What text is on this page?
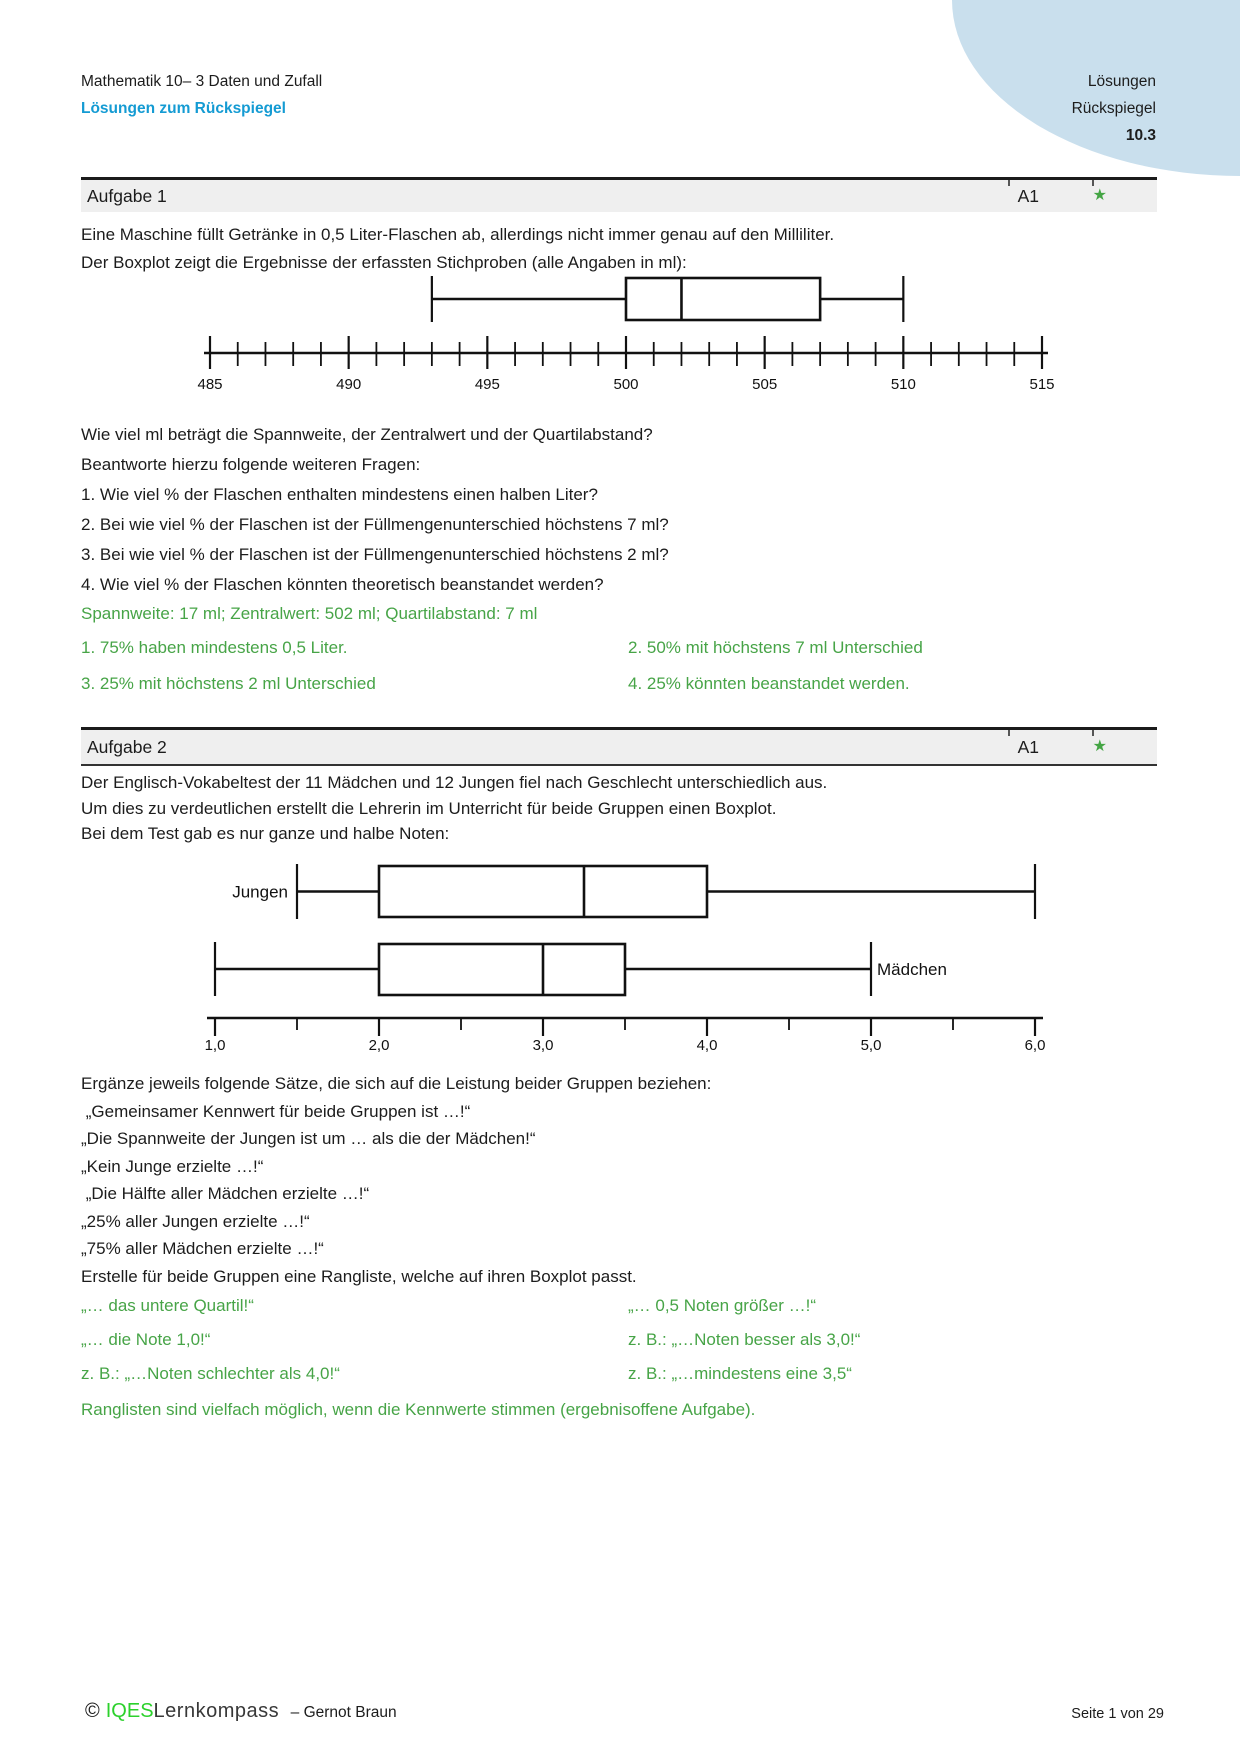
Mathematik 10– 3 Daten und Zufall
Lösungen zum Rückspiegel
Lösungen
Rückspiegel
10.3
Aufgabe 1	A1	★
Eine Maschine füllt Getränke in 0,5 Liter-Flaschen ab, allerdings nicht immer genau auf den Milliliter.
Der Boxplot zeigt die Ergebnisse der erfassten Stichproben (alle Angaben in ml):
485	490	495	500	505	510	515
Wie viel ml beträgt die Spannweite, der Zentralwert und der Quartilabstand?
Beantworte hierzu folgende weiteren Fragen:
1. Wie viel % der Flaschen enthalten mindestens einen halben Liter?
2. Bei wie viel % der Flaschen ist der Füllmengenunterschied höchstens 7 ml?
3. Bei wie viel % der Flaschen ist der Füllmengenunterschied höchstens 2 ml?
4. Wie viel % der Flaschen könnten theoretisch beanstandet werden?
Spannweite: 17 ml; Zentralwert: 502 ml; Quartilabstand: 7 ml
1. 75% haben mindestens 0,5 Liter.	2. 50% mit höchstens 7 ml Unterschied
3. 25% mit höchstens 2 ml Unterschied	4. 25% könnten beanstandet werden.
Aufgabe 2	A1	★
Der Englisch-Vokabeltest der 11 Mädchen und 12 Jungen fiel nach Geschlecht unterschiedlich aus.
Um dies zu verdeutlichen erstellt die Lehrerin im Unterricht für beide Gruppen einen Boxplot.
Bei dem Test gab es nur ganze und halbe Noten:
1,0	2,0	3,0	4,0	5,0	6,0
Jungen
Mädchen
Ergänze jeweils folgende Sätze, die sich auf die Leistung beider Gruppen beziehen:
„Gemeinsamer Kennwert für beide Gruppen ist …!“
„Die Spannweite der Jungen ist um … als die der Mädchen!“
„Kein Junge erzielte …!“
„Die Hälfte aller Mädchen erzielte …!“
„25% aller Jungen erzielte …!“
„75% aller Mädchen erzielte …!“
Erstelle für beide Gruppen eine Rangliste, welche auf ihren Boxplot passt.
„… das untere Quartil!“	„… 0,5 Noten größer …!“
„… die Note 1,0!“	z. B.: „…Noten besser als 3,0!“
z. B.: „…Noten schlechter als 4,0!“	z. B.: „…mindestens eine 3,5“
Ranglisten sind vielfach möglich, wenn die Kennwerte stimmen (ergebnisoffene Aufgabe).
© IQESLernkompass – Gernot Braun	Seite 1 von 29
